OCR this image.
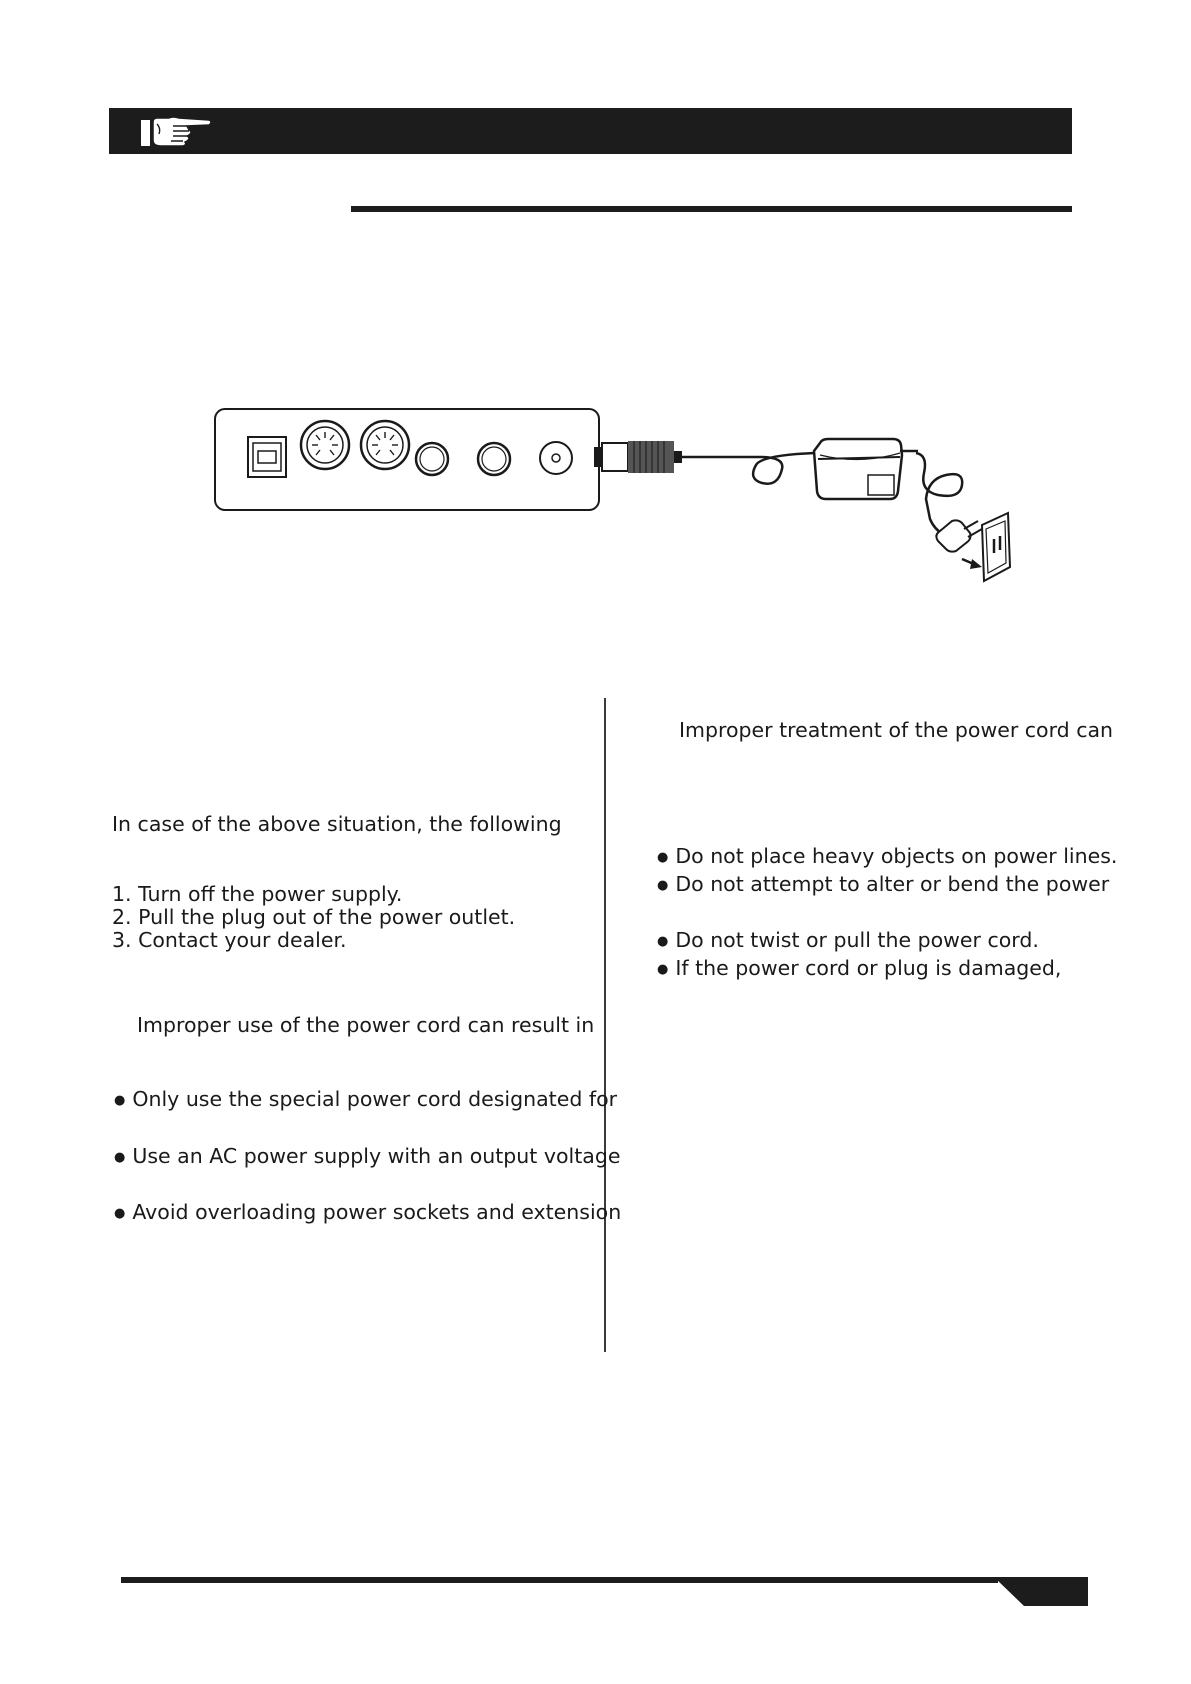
In case of the above situation, the following

1. Turn off the power supply.
2. Pull the plug out of the power outlet.
3. Contact your dealer.

Improper use of the power cord can result in

● Only use the special power cord designated for

● Use an AC power supply with an output voltage

● Avoid overloading power sockets and extension

Improper treatment of the power cord can

● Do not place heavy objects on power lines.

● Do not attempt to alter or bend the power

● Do not twist or pull the power cord.

● If the power cord or plug is damaged,
